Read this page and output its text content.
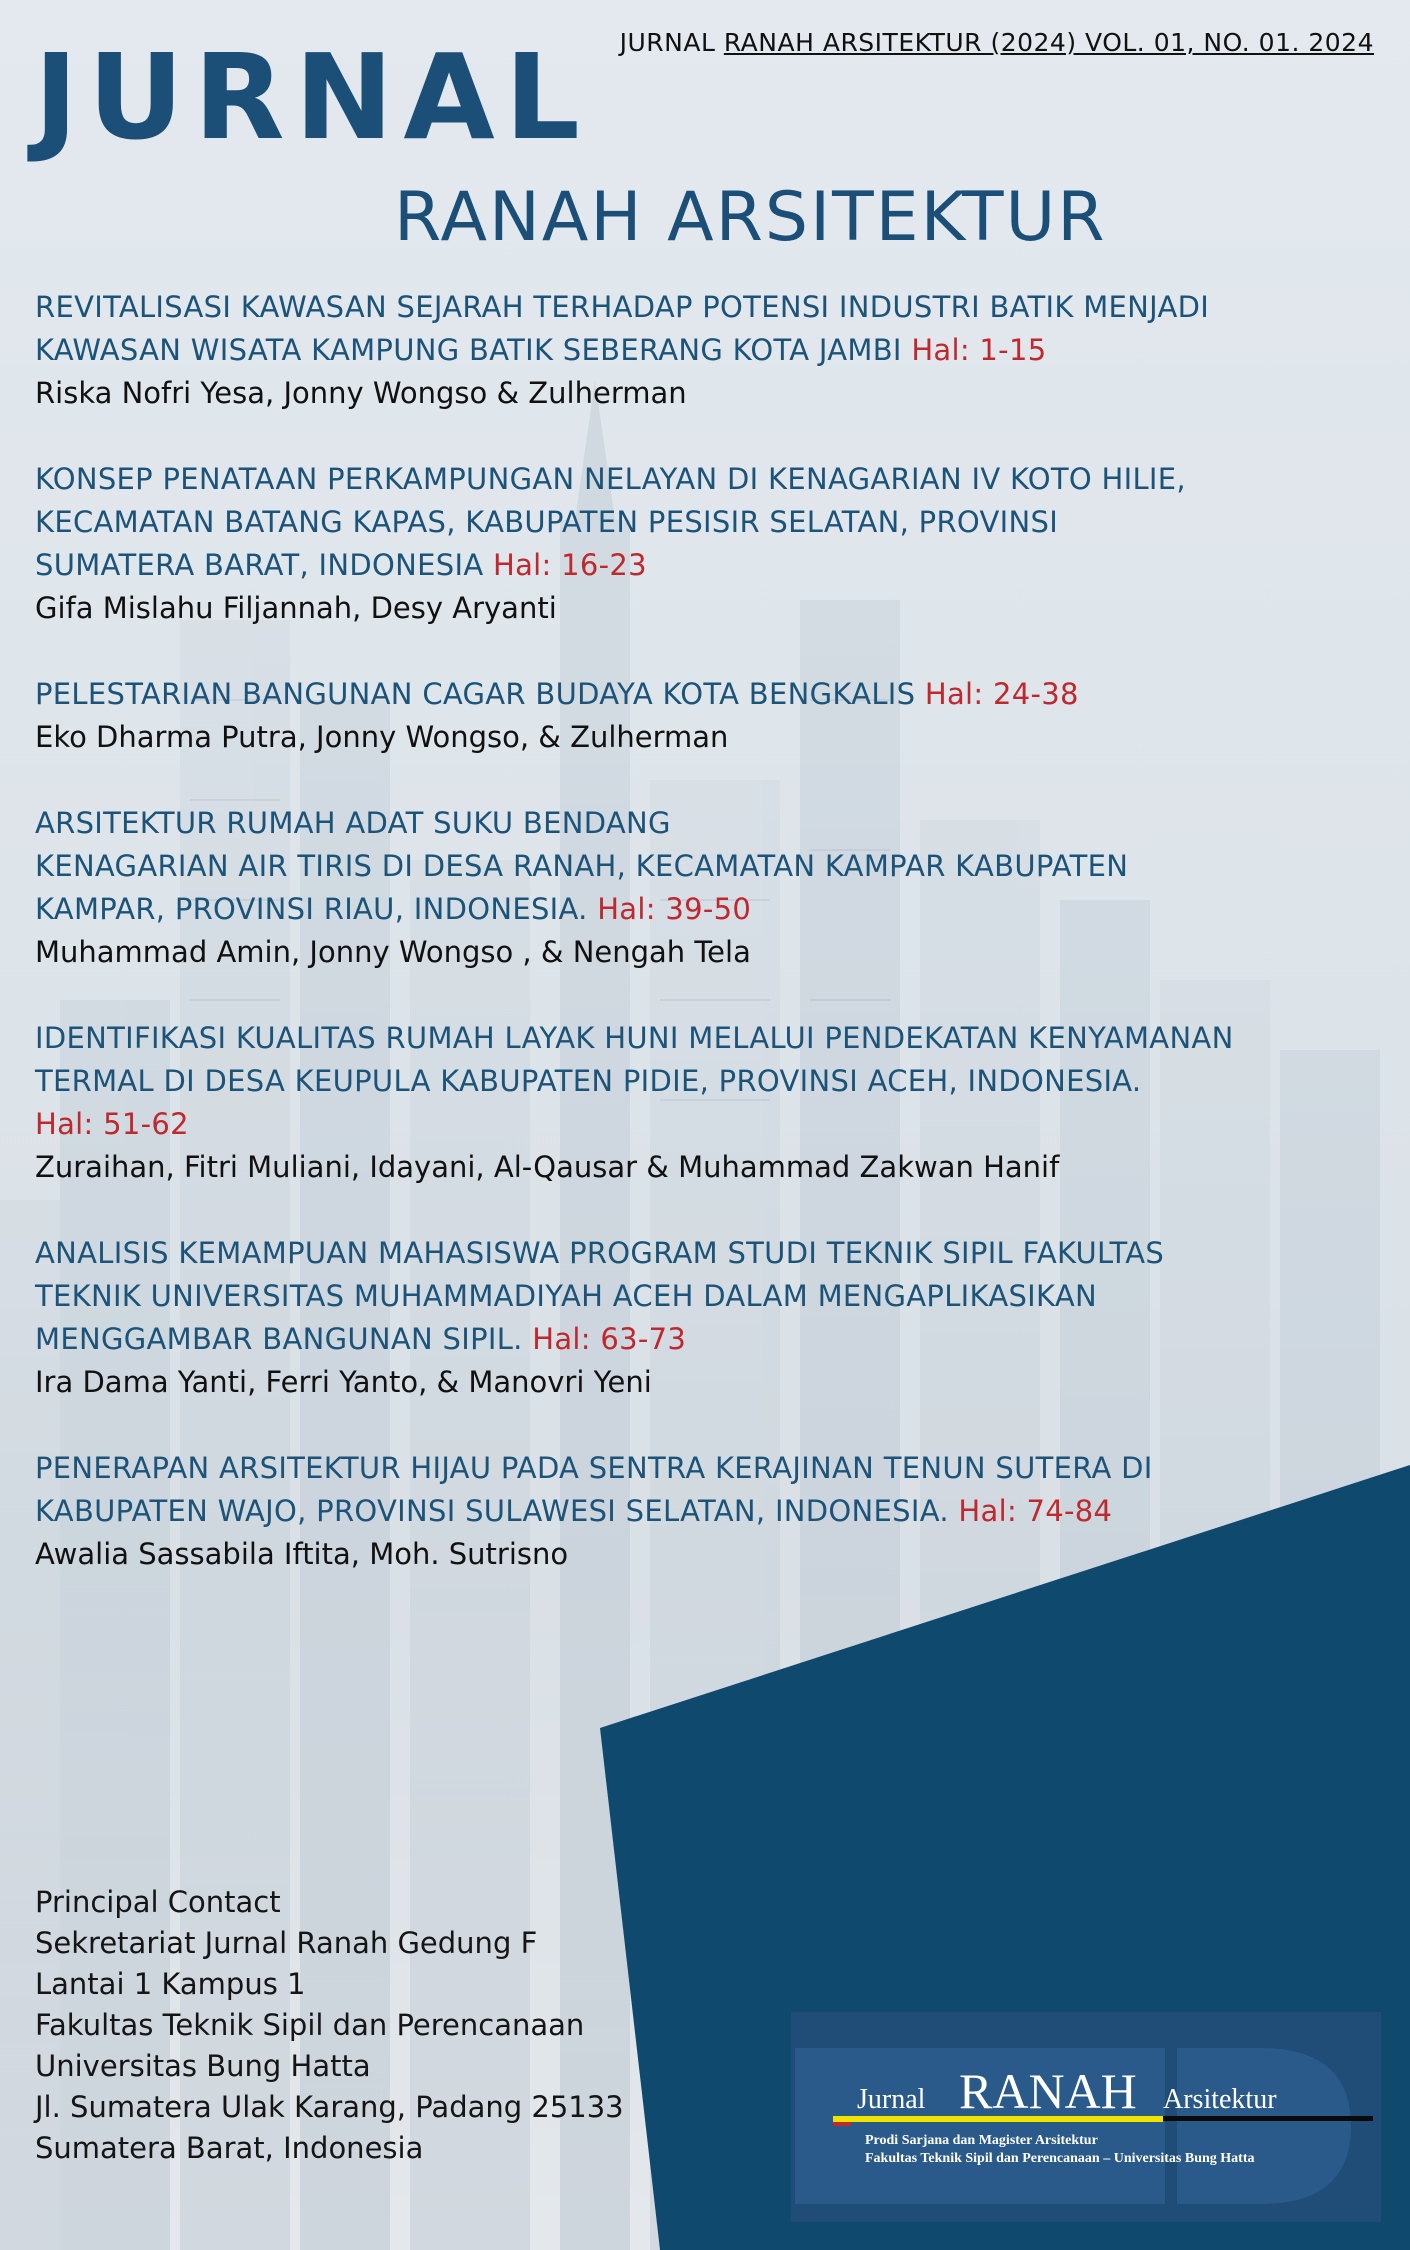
JURNAL RANAH ARSITEKTUR (2024) VOL. 01, NO. 01. 2024
JURNAL
RANAH ARSITEKTUR

REVITALISASI KAWASAN SEJARAH TERHADAP POTENSI INDUSTRI BATIK MENJADI
KAWASAN WISATA KAMPUNG BATIK SEBERANG KOTA JAMBI Hal: 1-15

Riska Nofri Yesa, Jonny Wongso & Zulherman

KONSEP PENATAAN PERKAMPUNGAN NELAYAN DI KENAGARIAN IV KOTO HILIE,
KECAMATAN BATANG KAPAS, KABUPATEN PESISIR SELATAN, PROVINSI
SUMATERA BARAT, INDONESIA Hal: 16-23

Gifa Mislahu Filjannah, Desy Aryanti

PELESTARIAN BANGUNAN CAGAR BUDAYA KOTA BENGKALIS Hal: 24-38

Eko Dharma Putra, Jonny Wongso, & Zulherman

ARSITEKTUR RUMAH ADAT SUKU BENDANG
KENAGARIAN AIR TIRIS DI DESA RANAH, KECAMATAN KAMPAR KABUPATEN
KAMPAR, PROVINSI RIAU, INDONESIA. Hal: 39-50

Muhammad Amin, Jonny Wongso , & Nengah Tela

IDENTIFIKASI KUALITAS RUMAH LAYAK HUNI MELALUI PENDEKATAN KENYAMANAN
TERMAL DI DESA KEUPULA KABUPATEN PIDIE, PROVINSI ACEH, INDONESIA.
Hal: 51-62

Zuraihan, Fitri Muliani, Idayani, Al-Qausar & Muhammad Zakwan Hanif

ANALISIS KEMAMPUAN MAHASISWA PROGRAM STUDI TEKNIK SIPIL FAKULTAS
TEKNIK UNIVERSITAS MUHAMMADIYAH ACEH DALAM MENGAPLIKASIKAN
MENGGAMBAR BANGUNAN SIPIL. Hal: 63-73

Ira Dama Yanti, Ferri Yanto, & Manovri Yeni

PENERAPAN ARSITEKTUR HIJAU PADA SENTRA KERAJINAN TENUN SUTERA DI
KABUPATEN WAJO, PROVINSI SULAWESI SELATAN, INDONESIA. Hal: 74-84

Awalia Sassabila Iftita, Moh. Sutrisno

Principal Contact
Sekretariat Jurnal Ranah Gedung F
Lantai 1 Kampus 1
Fakultas Teknik Sipil dan Perencanaan
Universitas Bung Hatta
Jl. Sumatera Ulak Karang, Padang 25133
Sumatera Barat, Indonesia
Jurnal RANAH Arsitektur
Prodi Sarjana dan Magister Arsitektur
Fakultas Teknik Sipil dan Perencanaan – Universitas Bung Hatta
